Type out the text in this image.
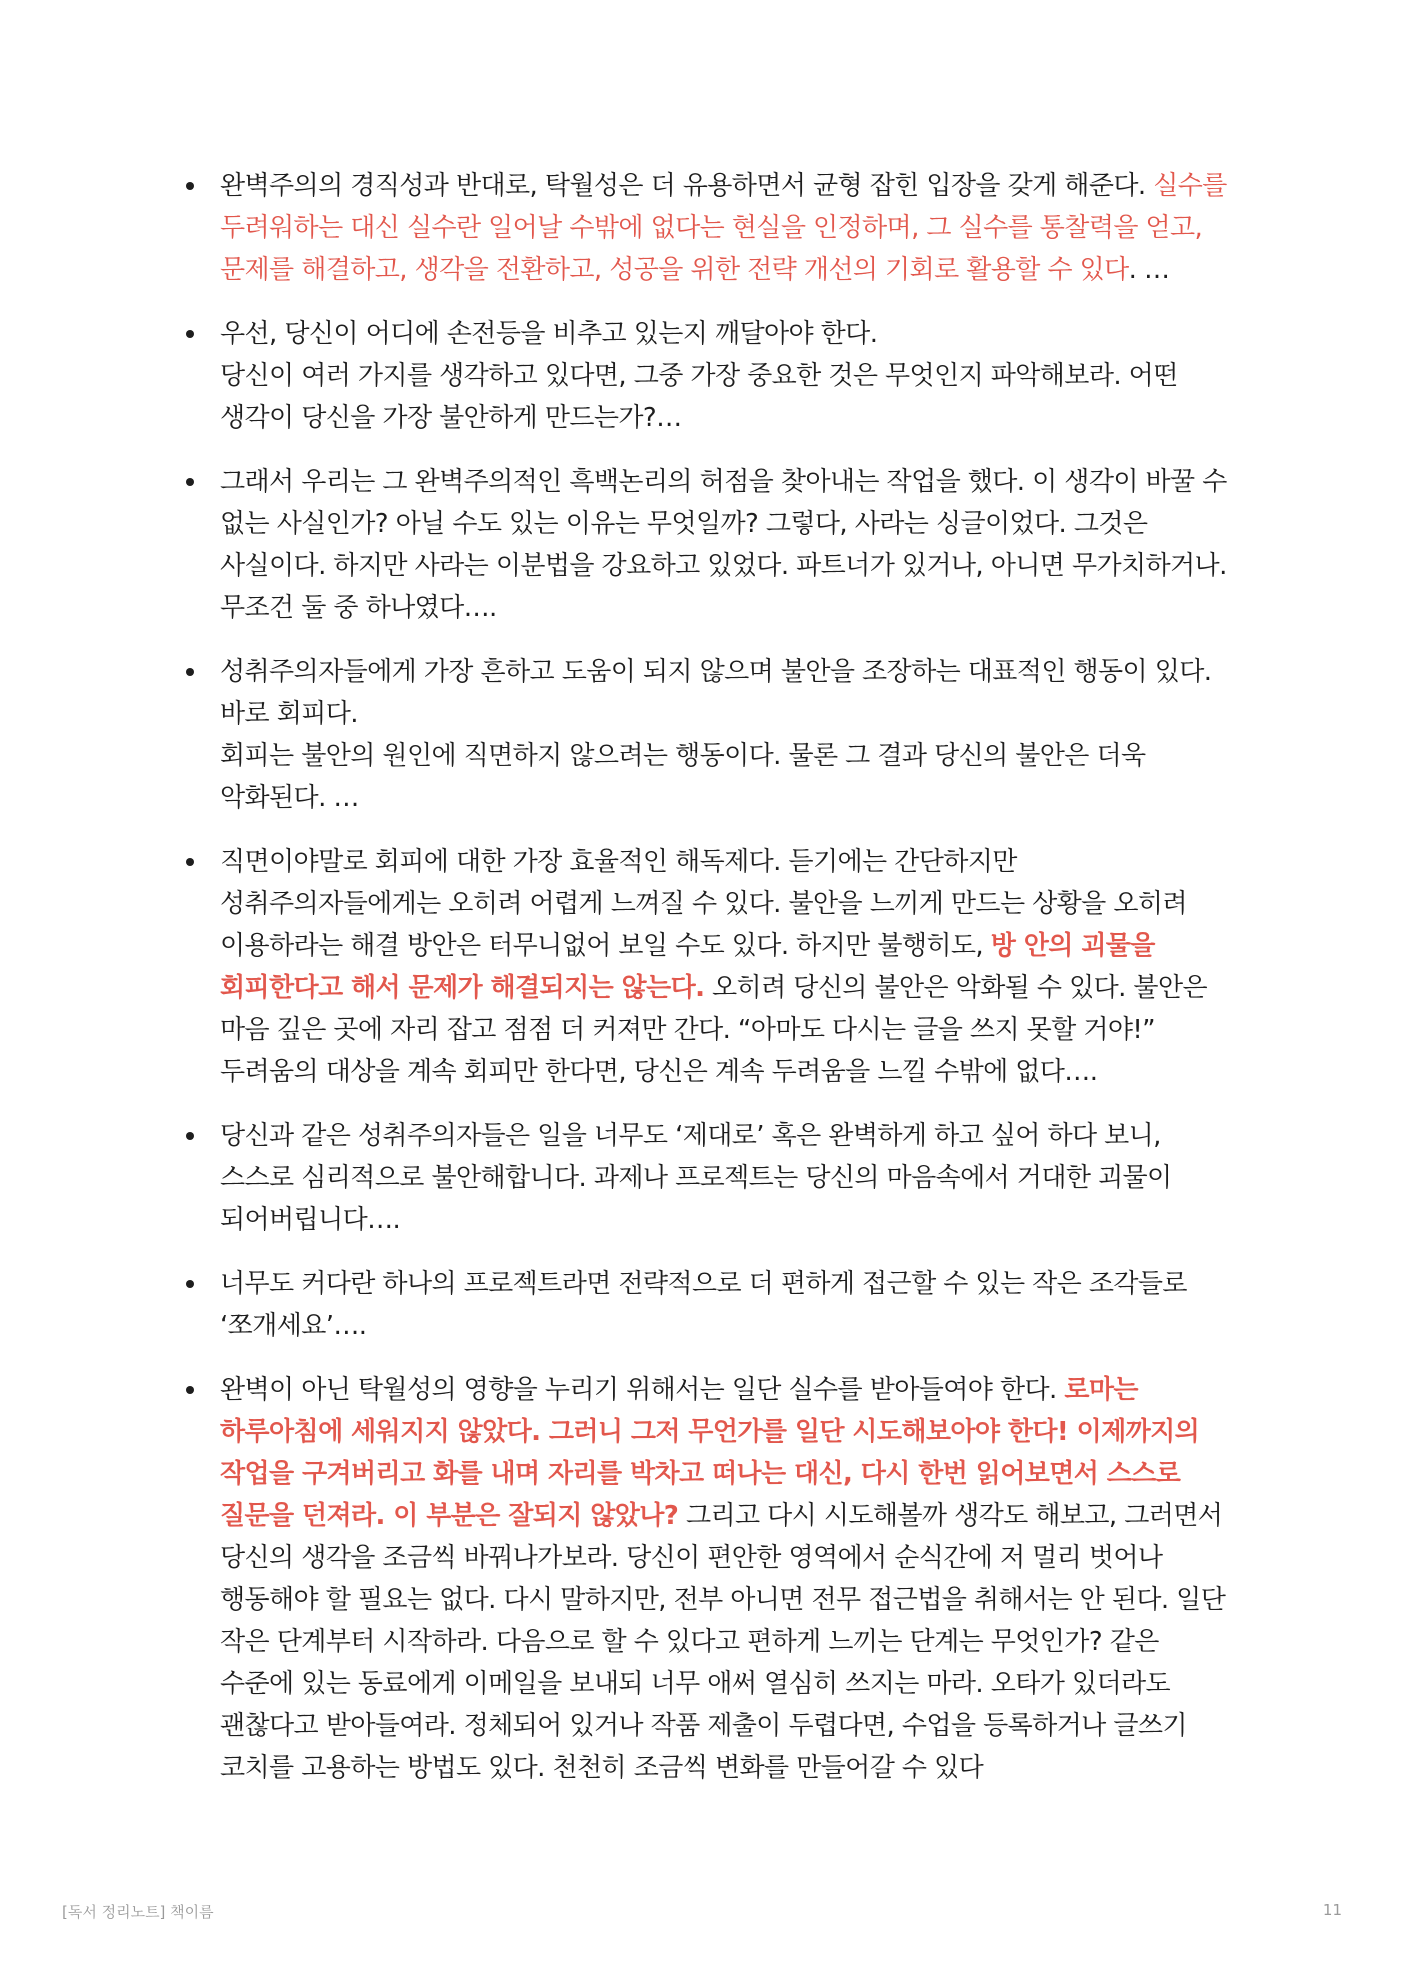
완벽주의의 경직성과 반대로, 탁월성은 더 유용하면서 균형 잡힌 입장을 갖게 해준다. 실수를 두려워하는 대신 실수란 일어날 수밖에 없다는 현실을 인정하며, 그 실수를 통찰력을 얻고, 문제를 해결하고, 생각을 전환하고, 성공을 위한 전략 개선의 기회로 활용할 수 있다. …
우선, 당신이 어디에 손전등을 비추고 있는지 깨달아야 한다.
당신이 여러 가지를 생각하고 있다면, 그중 가장 중요한 것은 무엇인지 파악해보라. 어떤 생각이 당신을 가장 불안하게 만드는가?…
그래서 우리는 그 완벽주의적인 흑백논리의 허점을 찾아내는 작업을 했다. 이 생각이 바꿀 수 없는 사실인가? 아닐 수도 있는 이유는 무엇일까? 그렇다, 사라는 싱글이었다. 그것은 사실이다. 하지만 사라는 이분법을 강요하고 있었다. 파트너가 있거나, 아니면 무가치하거나. 무조건 둘 중 하나였다….
성취주의자들에게 가장 흔하고 도움이 되지 않으며 불안을 조장하는 대표적인 행동이 있다. 바로 회피다.
회피는 불안의 원인에 직면하지 않으려는 행동이다. 물론 그 결과 당신의 불안은 더욱 악화된다. …
직면이야말로 회피에 대한 가장 효율적인 해독제다. 듣기에는 간단하지만 성취주의자들에게는 오히려 어렵게 느껴질 수 있다. 불안을 느끼게 만드는 상황을 오히려 이용하라는 해결 방안은 터무니없어 보일 수도 있다. 하지만 불행히도, 방 안의 괴물을 회피한다고 해서 문제가 해결되지는 않는다. 오히려 당신의 불안은 악화될 수 있다. 불안은 마음 깊은 곳에 자리 잡고 점점 더 커져만 간다. “아마도 다시는 글을 쓰지 못할 거야!” 두려움의 대상을 계속 회피만 한다면, 당신은 계속 두려움을 느낄 수밖에 없다….
당신과 같은 성취주의자들은 일을 너무도 ‘제대로’ 혹은 완벽하게 하고 싶어 하다 보니, 스스로 심리적으로 불안해합니다. 과제나 프로젝트는 당신의 마음속에서 거대한 괴물이 되어버립니다….
너무도 커다란 하나의 프로젝트라면 전략적으로 더 편하게 접근할 수 있는 작은 조각들로 ‘쪼개세요’….
완벽이 아닌 탁월성의 영향을 누리기 위해서는 일단 실수를 받아들여야 한다. 로마는 하루아침에 세워지지 않았다. 그러니 그저 무언가를 일단 시도해보아야 한다! 이제까지의 작업을 구겨버리고 화를 내며 자리를 박차고 떠나는 대신, 다시 한번 읽어보면서 스스로 질문을 던져라. 이 부분은 잘되지 않았나? 그리고 다시 시도해볼까 생각도 해보고, 그러면서 당신의 생각을 조금씩 바꿔나가보라. 당신이 편안한 영역에서 순식간에 저 멀리 벗어나 행동해야 할 필요는 없다. 다시 말하지만, 전부 아니면 전무 접근법을 취해서는 안 된다. 일단 작은 단계부터 시작하라. 다음으로 할 수 있다고 편하게 느끼는 단계는 무엇인가? 같은 수준에 있는 동료에게 이메일을 보내되 너무 애써 열심히 쓰지는 마라. 오타가 있더라도 괜찮다고 받아들여라. 정체되어 있거나 작품 제출이 두렵다면, 수업을 등록하거나 글쓰기 코치를 고용하는 방법도 있다. 천천히 조금씩 변화를 만들어갈 수 있다
[독서 정리노트] 책이름	11
